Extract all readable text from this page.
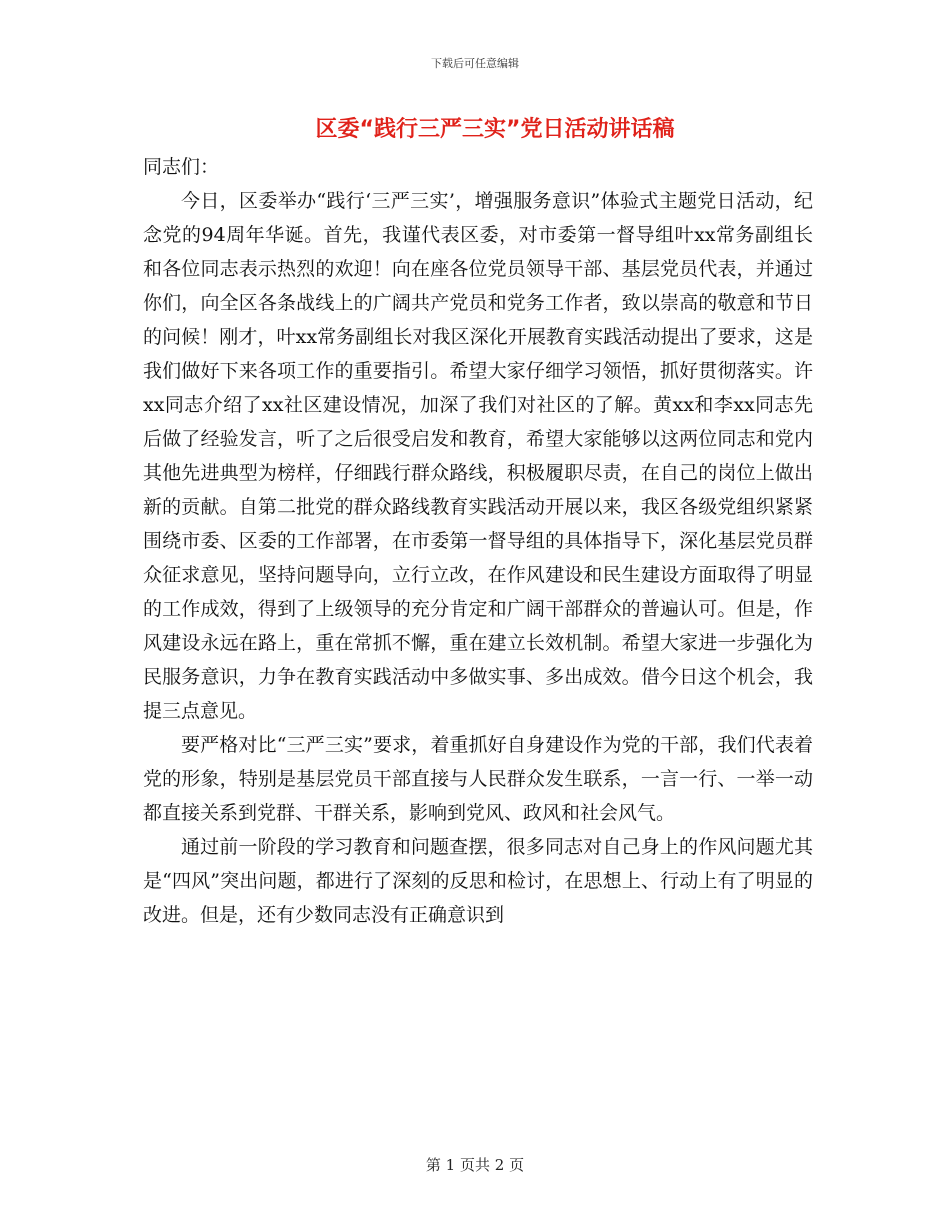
下载后可任意编辑
区委“践行三严三实”党日活动讲话稿

同志们：

今日，区委举办“践行‘三严三实’，增强服务意识”体验式主题党日活动，纪念党的94周年华诞。首先，我谨代表区委，对市委第一督导组叶xx常务副组长和各位同志表示热烈的欢迎！向在座各位党员领导干部、基层党员代表，并通过你们，向全区各条战线上的广阔共产党员和党务工作者，致以崇高的敬意和节日的问候！刚才，叶xx常务副组长对我区深化开展教育实践活动提出了要求，这是我们做好下来各项工作的重要指引。希望大家仔细学习领悟，抓好贯彻落实。许xx同志介绍了xx社区建设情况，加深了我们对社区的了解。黄xx和李xx同志先后做了经验发言，听了之后很受启发和教育，希望大家能够以这两位同志和党内其他先进典型为榜样，仔细践行群众路线，积极履职尽责，在自己的岗位上做出新的贡献。自第二批党的群众路线教育实践活动开展以来，我区各级党组织紧紧围绕市委、区委的工作部署，在市委第一督导组的具体指导下，深化基层党员群众征求意见，坚持问题导向，立行立改，在作风建设和民生建设方面取得了明显的工作成效，得到了上级领导的充分肯定和广阔干部群众的普遍认可。但是，作风建设永远在路上，重在常抓不懈，重在建立长效机制。希望大家进一步强化为民服务意识，力争在教育实践活动中多做实事、多出成效。借今日这个机会，我提三点意见。

要严格对比“三严三实”要求，着重抓好自身建设作为党的干部，我们代表着党的形象，特别是基层党员干部直接与人民群众发生联系，一言一行、一举一动都直接关系到党群、干群关系，影响到党风、政风和社会风气。

通过前一阶段的学习教育和问题查摆，很多同志对自己身上的作风问题尤其是“四风”突出问题，都进行了深刻的反思和检讨，在思想上、行动上有了明显的改进。但是，还有少数同志没有正确意识到

第 1 页共 2 页
